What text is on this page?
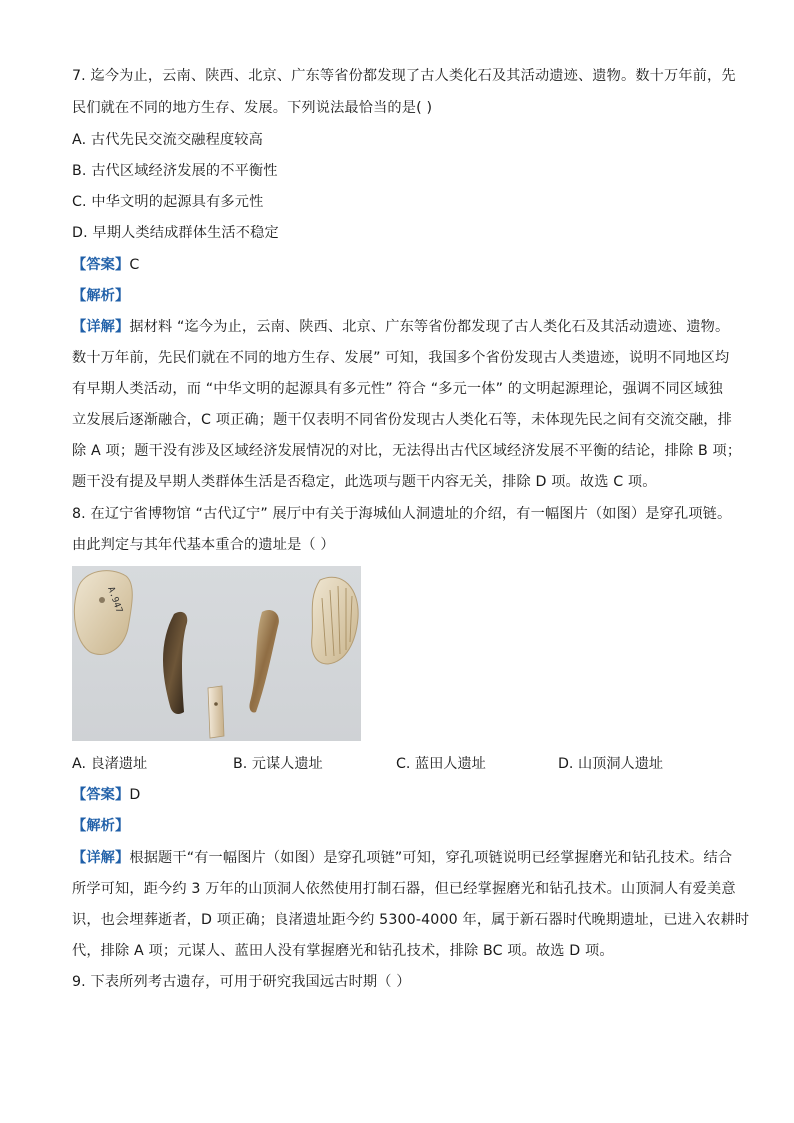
7. 迄今为止，云南、陕西、北京、广东等省份都发现了古人类化石及其活动遗迹、遗物。数十万年前，先
民们就在不同的地方生存、发展。下列说法最恰当的是( )
A. 古代先民交流交融程度较高
B. 古代区域经济发展的不平衡性
C. 中华文明的起源具有多元性
D. 早期人类结成群体生活不稳定
【答案】C
【解析】
【详解】据材料 “迄今为止，云南、陕西、北京、广东等省份都发现了古人类化石及其活动遗迹、遗物。
数十万年前，先民们就在不同的地方生存、发展” 可知，我国多个省份发现古人类遗迹，说明不同地区均
有早期人类活动，而 “中华文明的起源具有多元性” 符合 “多元一体” 的文明起源理论，强调不同区域独
立发展后逐渐融合，C 项正确；题干仅表明不同省份发现古人类化石等，未体现先民之间有交流交融，排
除 A 项；题干没有涉及区域经济发展情况的对比，无法得出古代区域经济发展不平衡的结论，排除 B 项；
题干没有提及早期人类群体生活是否稳定，此选项与题干内容无关，排除 D 项。故选 C 项。
8. 在辽宁省博物馆 “古代辽宁” 展厅中有关于海城仙人洞遗址的介绍，有一幅图片（如图）是穿孔项链。
由此判定与其年代基本重合的遗址是（ ）
A.947
A. 良渚遗址	B. 元谋人遗址	C. 蓝田人遗址	D. 山顶洞人遗址
【答案】D
【解析】
【详解】根据题干“有一幅图片（如图）是穿孔项链”可知，穿孔项链说明已经掌握磨光和钻孔技术。结合
所学可知，距今约 3 万年的山顶洞人依然使用打制石器，但已经掌握磨光和钻孔技术。山顶洞人有爱美意
识，也会埋葬逝者，D 项正确；良渚遗址距今约 5300-4000 年，属于新石器时代晚期遗址，已进入农耕时
代，排除 A 项；元谋人、蓝田人没有掌握磨光和钻孔技术，排除 BC 项。故选 D 项。
9. 下表所列考古遗存，可用于研究我国远古时期（ ）
